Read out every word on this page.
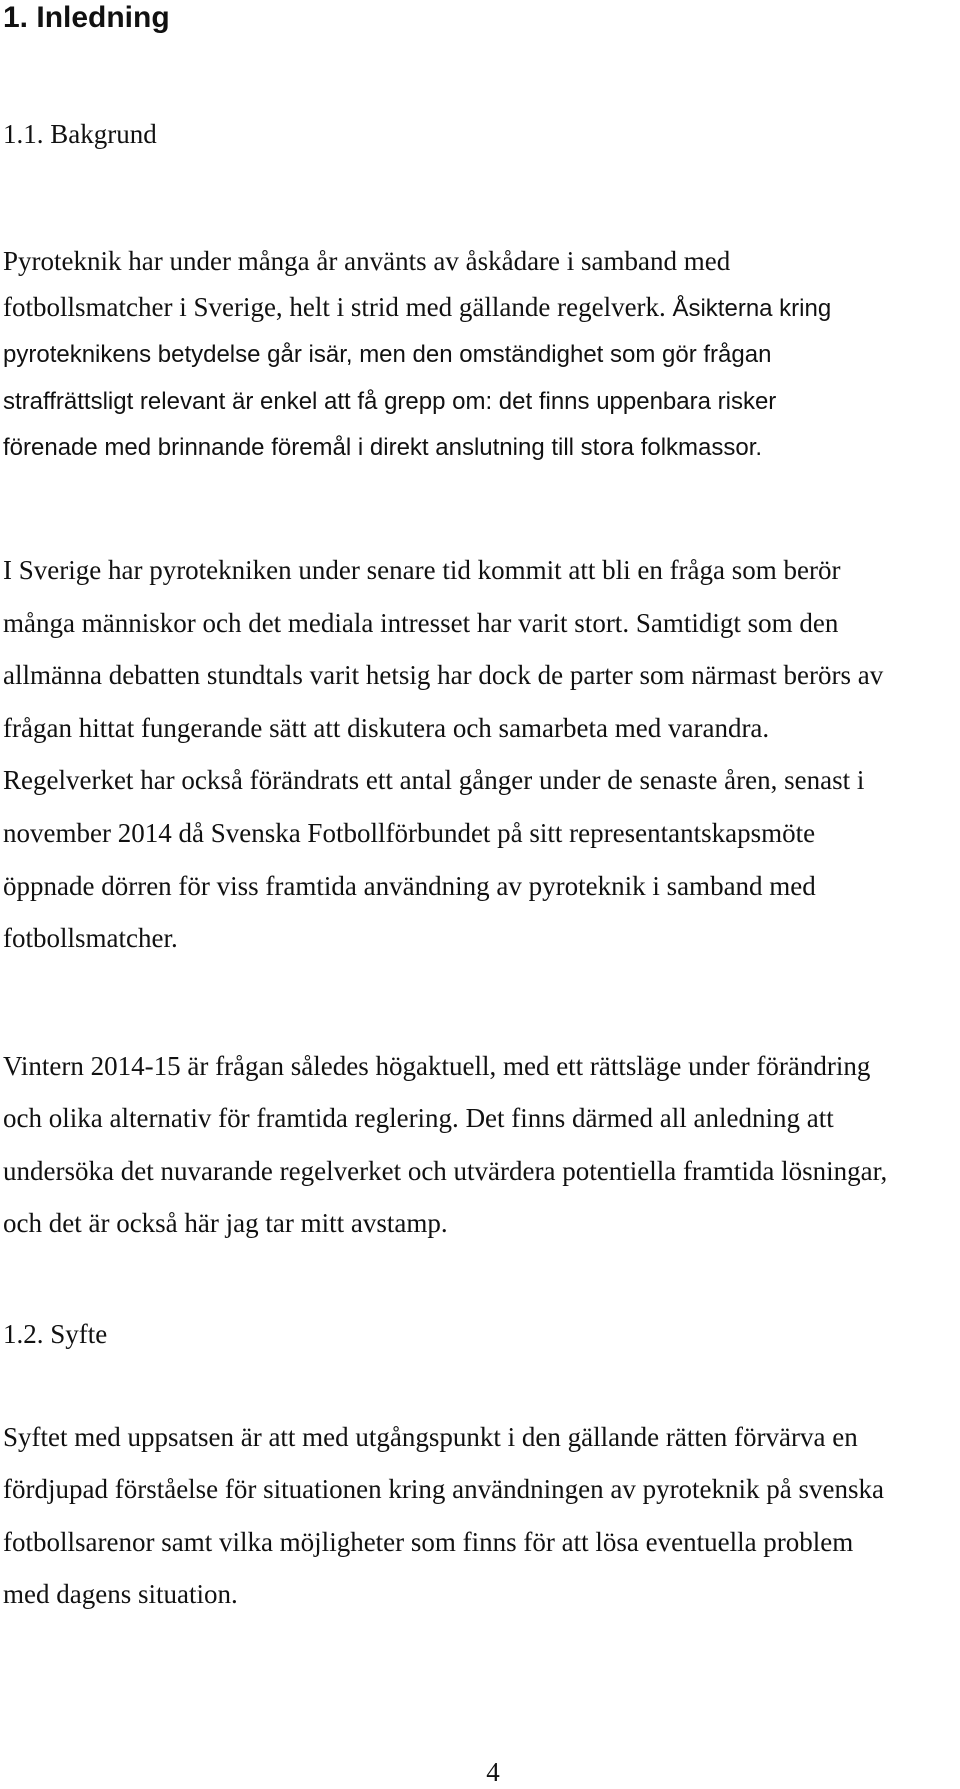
1. Inledning
1.1. Bakgrund
Pyroteknik har under många år använts av åskådare i samband med
fotbollsmatcher i Sverige, helt i strid med gällande regelverk. Åsikterna kring
pyroteknikens betydelse går isär, men den omständighet som gör frågan
straffrättsligt relevant är enkel att få grepp om: det finns uppenbara risker
förenade med brinnande föremål i direkt anslutning till stora folkmassor.
I Sverige har pyrotekniken under senare tid kommit att bli en fråga som berör
många människor och det mediala intresset har varit stort. Samtidigt som den
allmänna debatten stundtals varit hetsig har dock de parter som närmast berörs av
frågan hittat fungerande sätt att diskutera och samarbeta med varandra.
Regelverket har också förändrats ett antal gånger under de senaste åren, senast i
november 2014 då Svenska Fotbollförbundet på sitt representantskapsmöte
öppnade dörren för viss framtida användning av pyroteknik i samband med
fotbollsmatcher.
Vintern 2014-15 är frågan således högaktuell, med ett rättsläge under förändring
och olika alternativ för framtida reglering. Det finns därmed all anledning att
undersöka det nuvarande regelverket och utvärdera potentiella framtida lösningar,
och det är också här jag tar mitt avstamp.
1.2. Syfte
Syftet med uppsatsen är att med utgångspunkt i den gällande rätten förvärva en
fördjupad förståelse för situationen kring användningen av pyroteknik på svenska
fotbollsarenor samt vilka möjligheter som finns för att lösa eventuella problem
med dagens situation.
4
